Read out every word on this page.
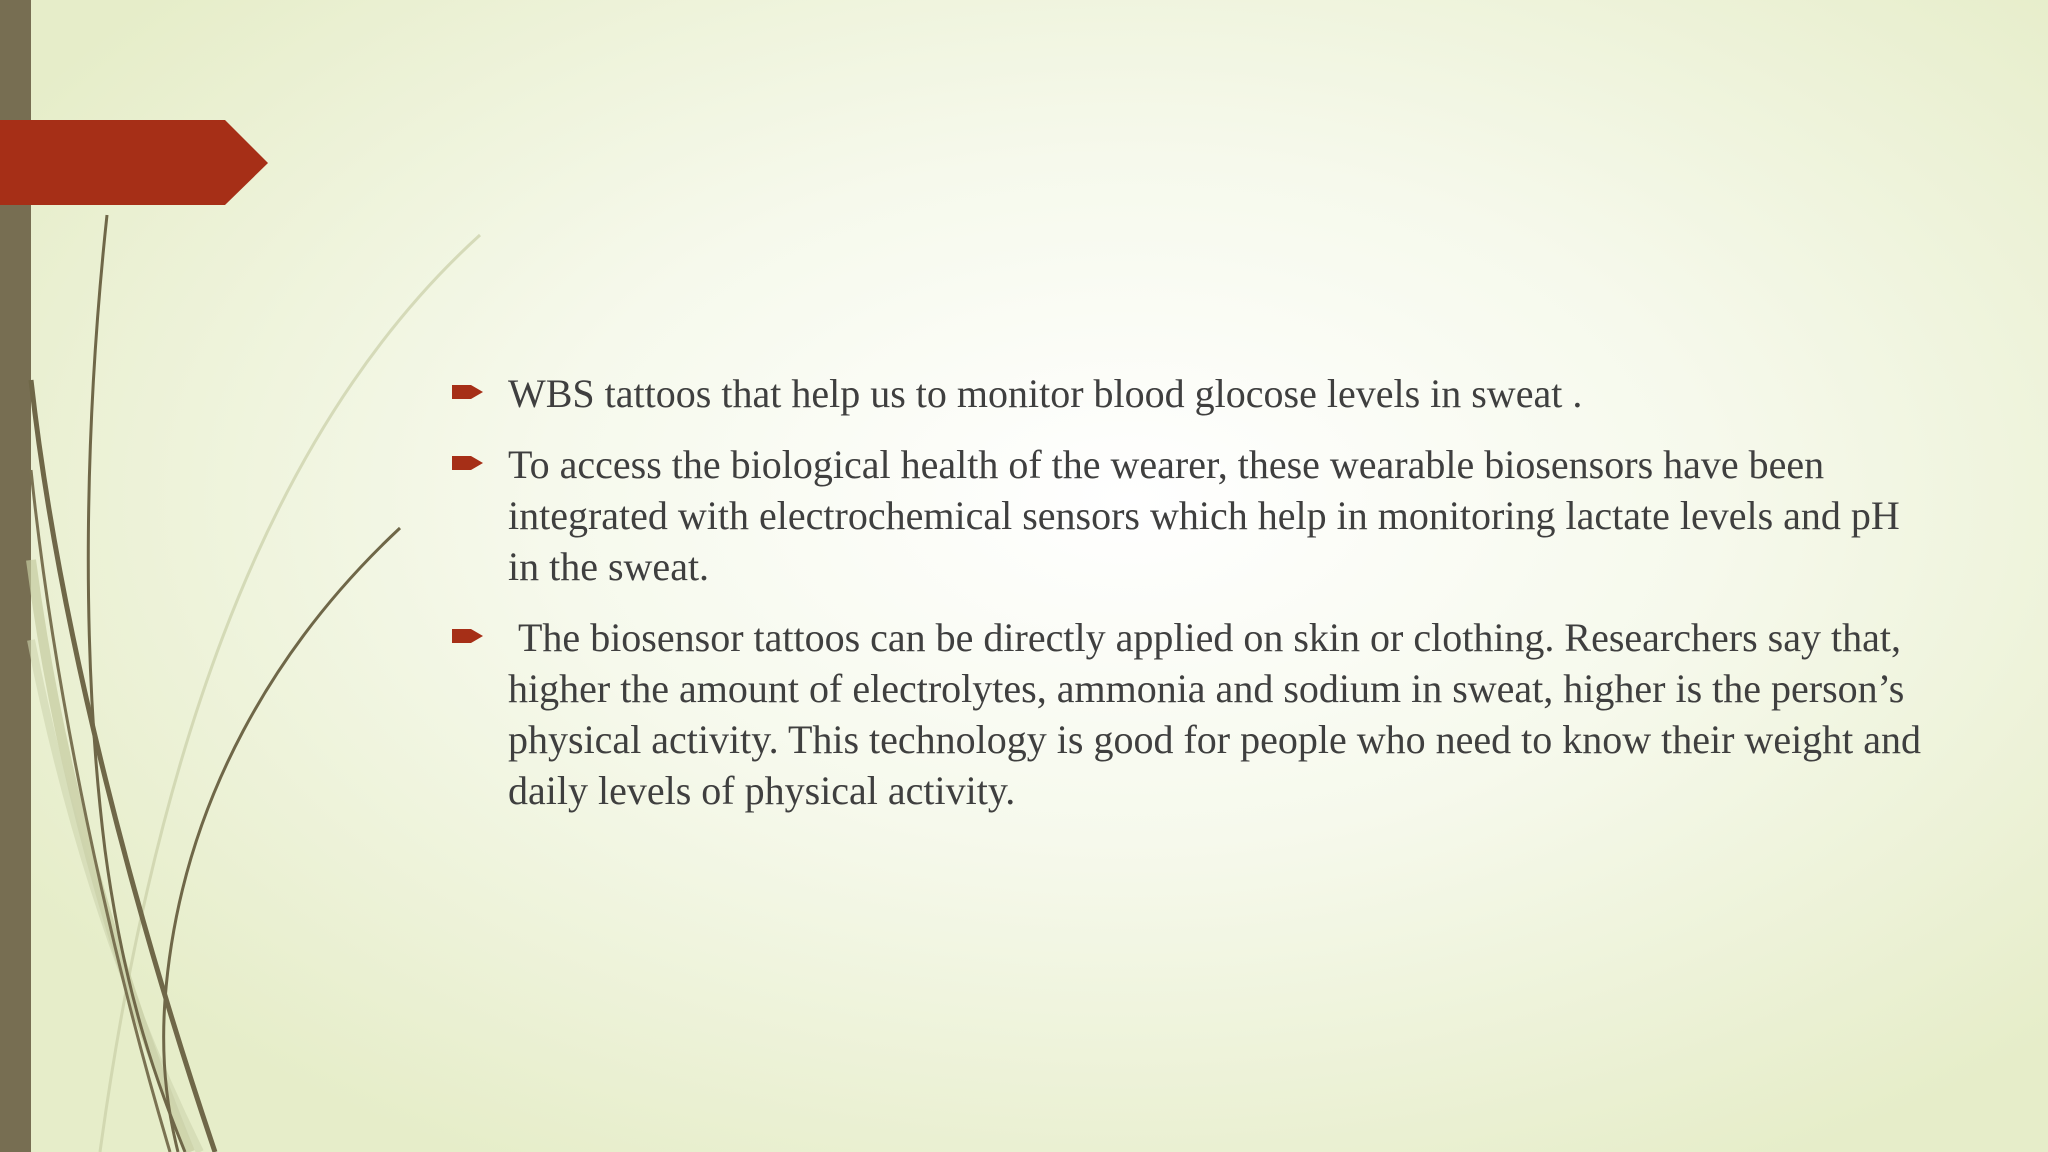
WBS tattoos that help us to monitor blood glocose levels in sweat .
To access the biological health of the wearer, these wearable biosensors have been integrated with electrochemical sensors which help in monitoring lactate levels and pH in the sweat.
The biosensor tattoos can be directly applied on skin or clothing. Researchers say that, higher the amount of electrolytes, ammonia and sodium in sweat, higher is the person’s physical activity. This technology is good for people who need to know their weight and daily levels of physical activity.
